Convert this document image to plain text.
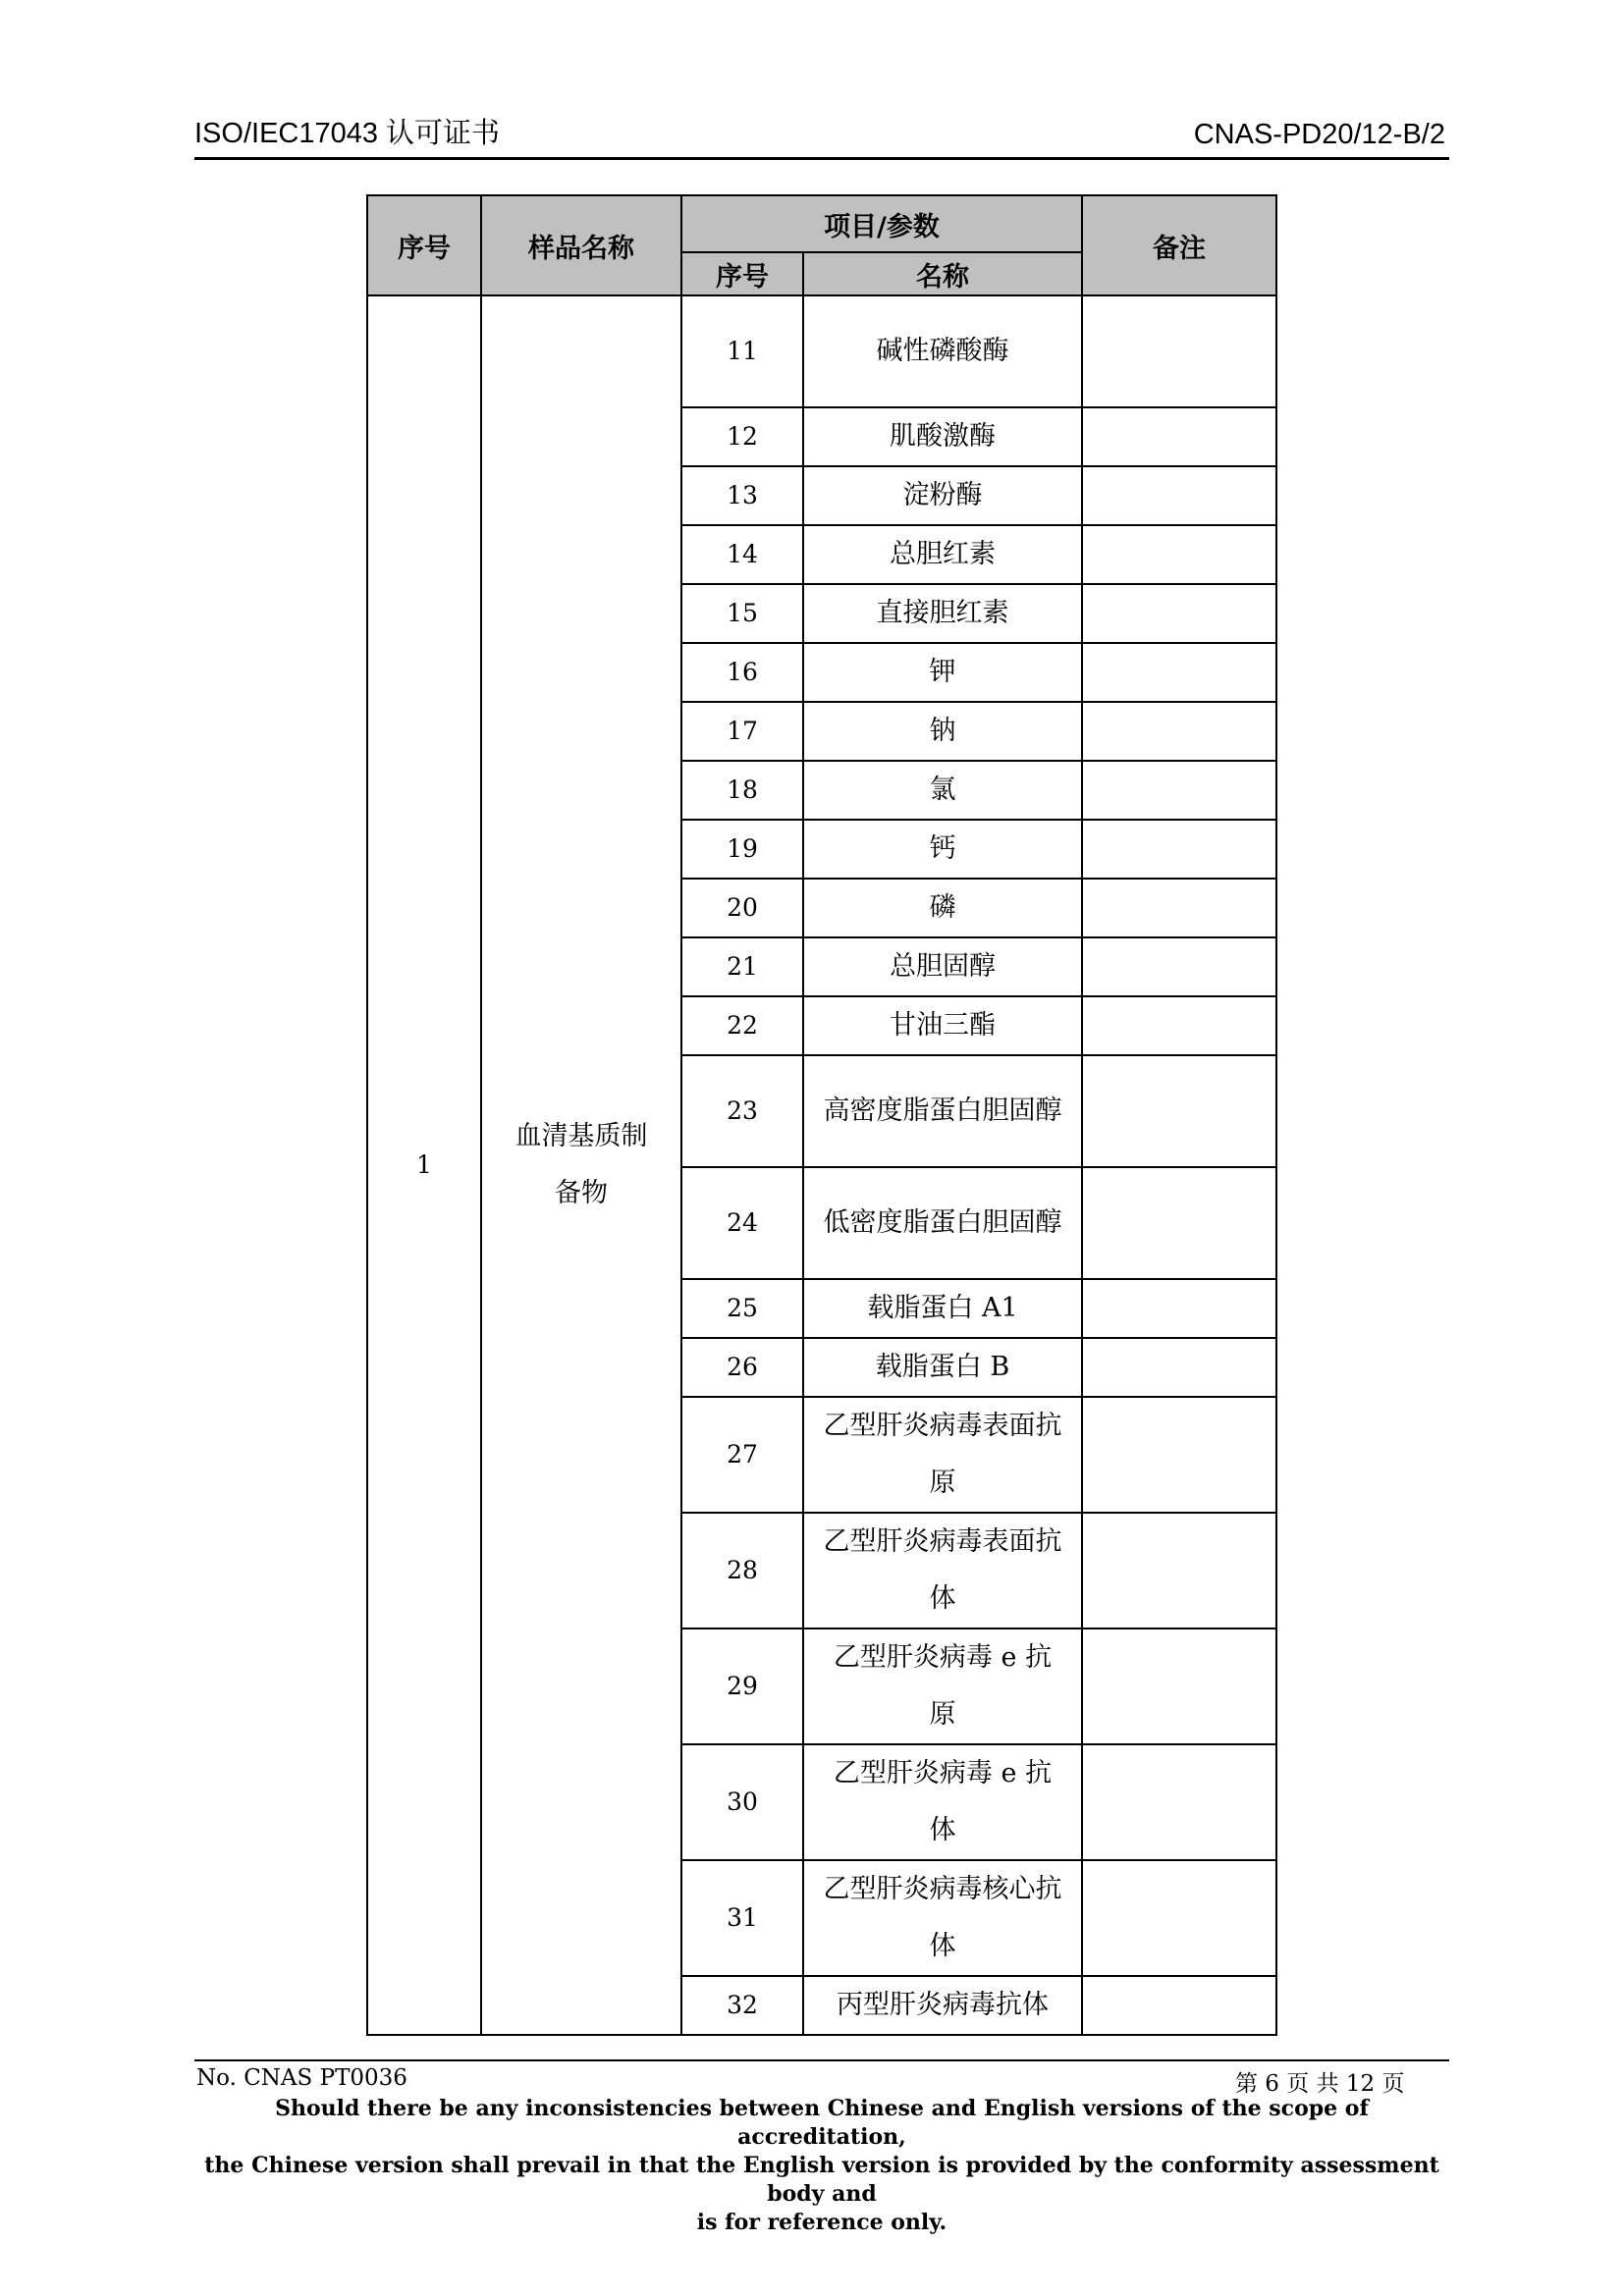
ISO/IEC17043 认可证书	CNAS-PD20/12-B/2
序号	样品名称	项目/参数		备注
		序号	名称	
1	血清基质制备物	11	碱性磷酸酶	

		12	肌酸激酶	

		13	淀粉酶	

		14	总胆红素	

		15	直接胆红素	

		16	钾	

		17	钠	

		18	氯	

		19	钙	

		20	磷	

		21	总胆固醇	

		22	甘油三酯	

		23	高密度脂蛋白胆固醇	

		24	低密度脂蛋白胆固醇	

		25	载脂蛋白 A1	

		26	载脂蛋白 B	

		27	乙型肝炎病毒表面抗原	

		28	乙型肝炎病毒表面抗体	

		29	乙型肝炎病毒 e 抗原	

		30	乙型肝炎病毒 e 抗体	

		31	乙型肝炎病毒核心抗体	

		32	丙型肝炎病毒抗体	

No. CNAS PT0036	第 6 页 共 12 页
Should there be any inconsistencies between Chinese and English versions of the scope of accreditation,
the Chinese version shall prevail in that the English version is provided by the conformity assessment body and
is for reference only.
